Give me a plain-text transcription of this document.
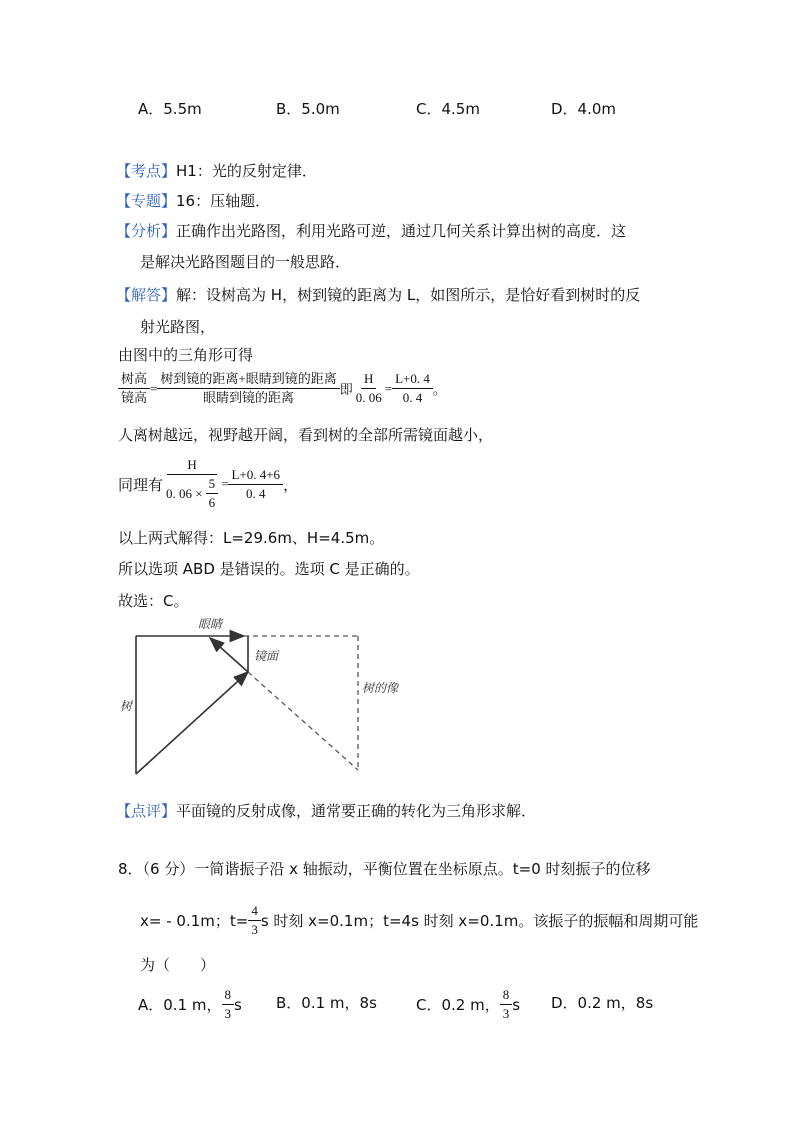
A．5.5m	B．5.0m	C．4.5m	D．4.0m
【考点】H1：光的反射定律．
【专题】16：压轴题．
【分析】正确作出光路图，利用光路可逆，通过几何关系计算出树的高度．这
是解决光路图题目的一般思路．
【解答】解：设树高为 H，树到镜的距离为 L，如图所示，是恰好看到树时的反
射光路图，
由图中的三角形可得
$\frac{\text{树高}}{\text{镜高}} = \frac{\text{树到镜的距离+眼睛到镜的距离}}{\text{眼睛到镜的距离}}$ 即 $\frac{H}{0. 06} = \frac{L+0. 4}{0. 4}$ 。
人离树越远，视野越开阔，看到树的全部所需镜面越小，
同理有 $\frac{H}{0. 06 \times \frac{5}{6}} = \frac{L+0. 4+6}{0. 4}$ ，
以上两式解得：L=29.6m、H=4.5m。
所以选项 ABD 是错误的。选项 C 是正确的。
故选：C。
眼睛
镜面
树的像
树
【点评】平面镜的反射成像，通常要正确的转化为三角形求解．
8．（6 分）一简谐振子沿 x 轴振动，平衡位置在坐标原点。t=0 时刻振子的位移
x= - 0.1m；$t= \frac{4}{3}$ s 时刻 x=0.1m；t=4s 时刻 x=0.1m。该振子的振幅和周期可能
为（　　）
A．0.1 m， $\frac{8}{3}$ s B．0.1 m，8s	C．0.2 m， $\frac{8}{3}$ s D．0.2 m，8s
